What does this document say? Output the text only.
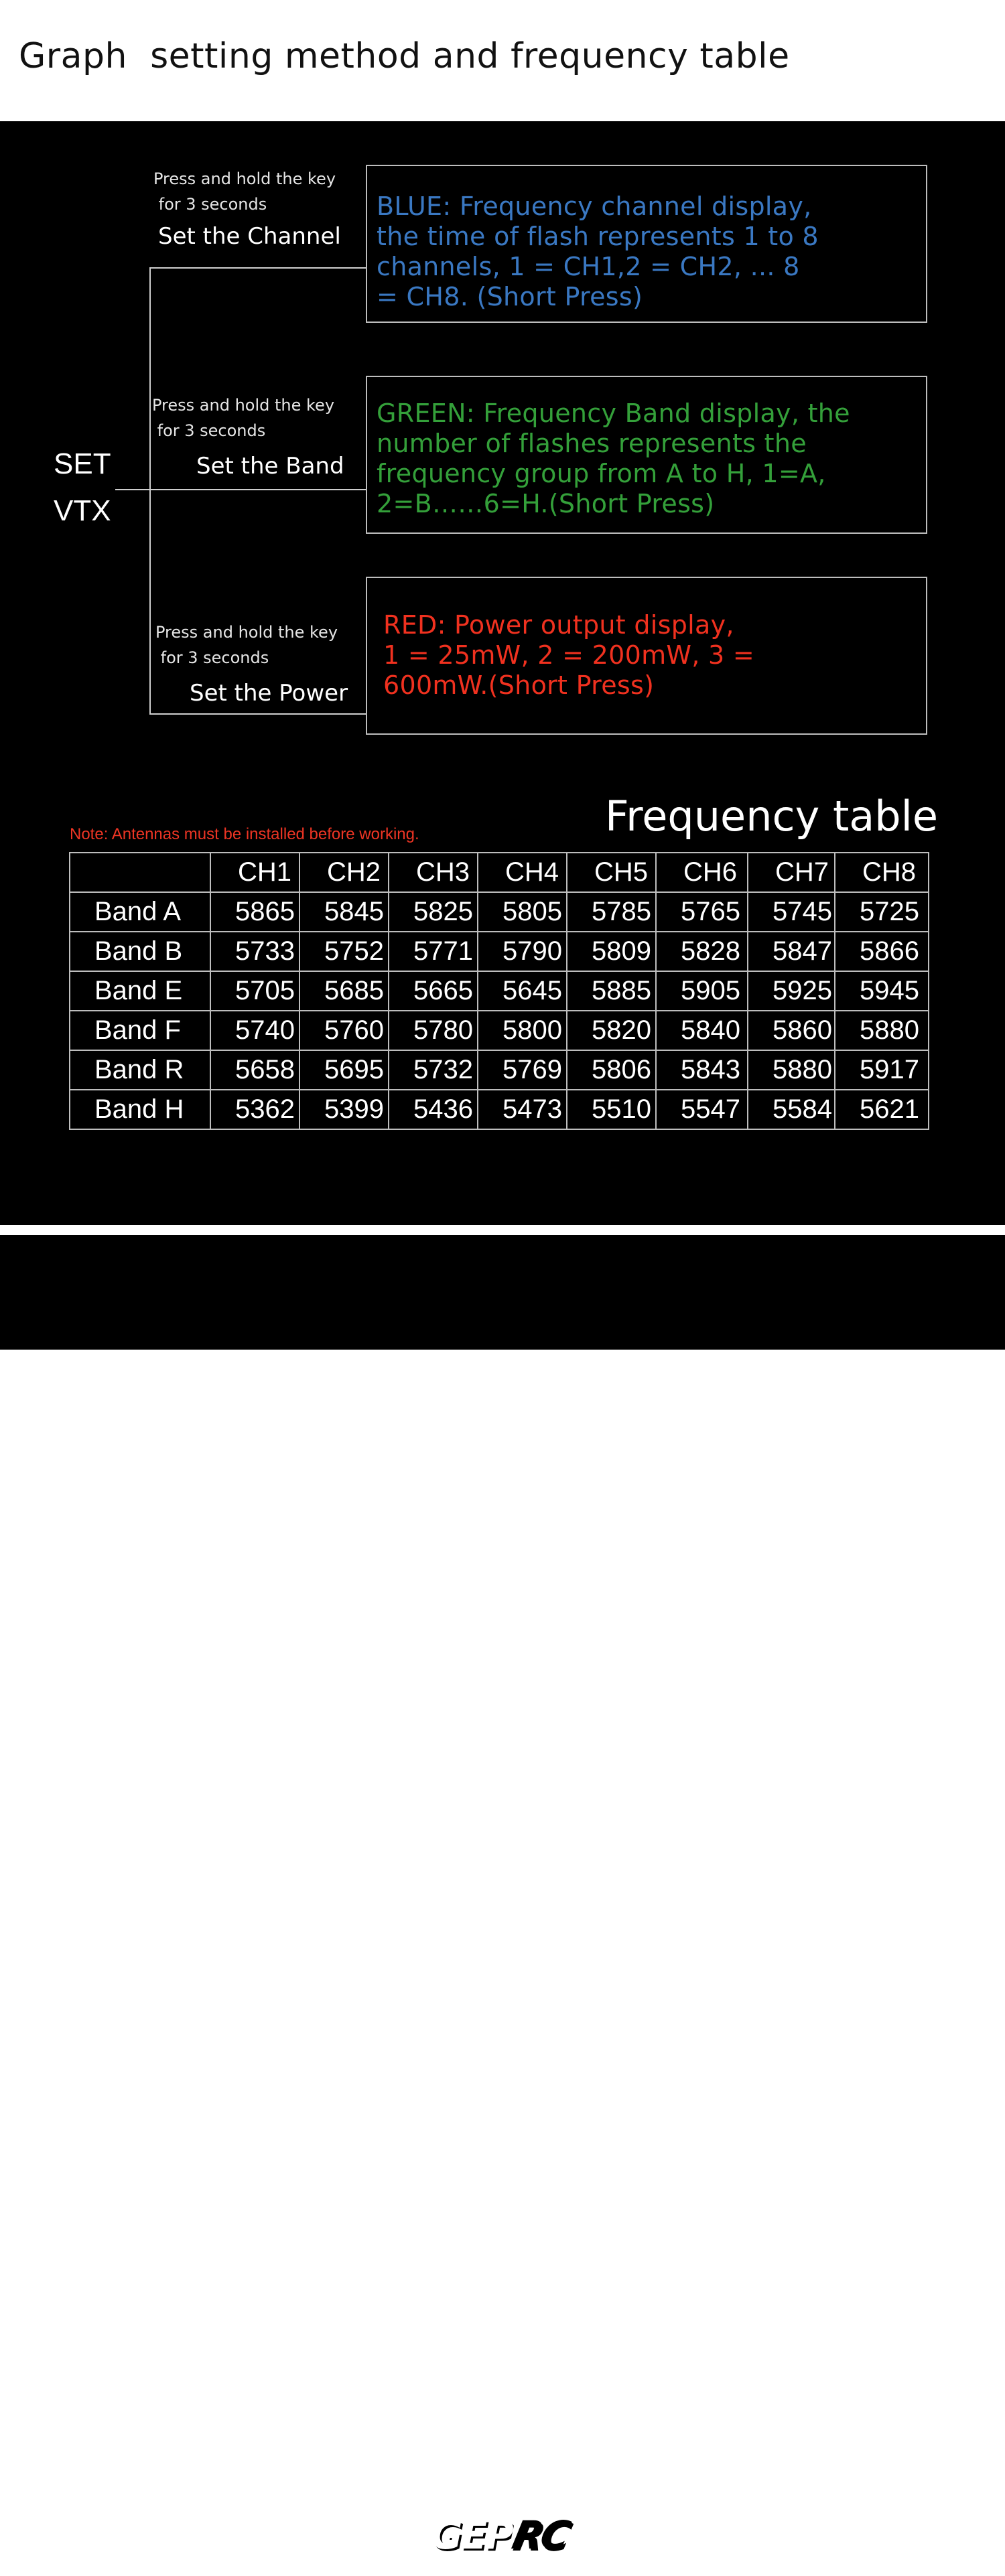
Graph  setting method and frequency table
SET
VTX
Press and hold the key
for 3 seconds
Set the Channel
BLUE: Frequency channel display,
the time of flash represents 1 to 8
channels, 1 = CH1,2 = CH2, ... 8
= CH8. (Short Press)
Press and hold the key
for 3 seconds
Set the Band
GREEN: Frequency Band display, the
number of flashes represents the
frequency group from A to H, 1=A,
2=B……6=H.(Short Press)
Press and hold the key
for 3 seconds
Set the Power
RED: Power output display,
1 = 25mW, 2 = 200mW, 3 =
600mW.(Short Press)
Note: Antennas must be installed before working.	Frequency table
	CH1	CH2	CH3	CH4	CH5	CH6	CH7	CH8
Band A	5865	5845	5825	5805	5785	5765	5745	5725
Band B	5733	5752	5771	5790	5809	5828	5847	5866
Band E	5705	5685	5665	5645	5885	5905	5925	5945
Band F	5740	5760	5780	5800	5820	5840	5860	5880
Band R	5658	5695	5732	5769	5806	5843	5880	5917
Band H	5362	5399	5436	5473	5510	5547	5584	5621
GEPRC
www.geprc.com
